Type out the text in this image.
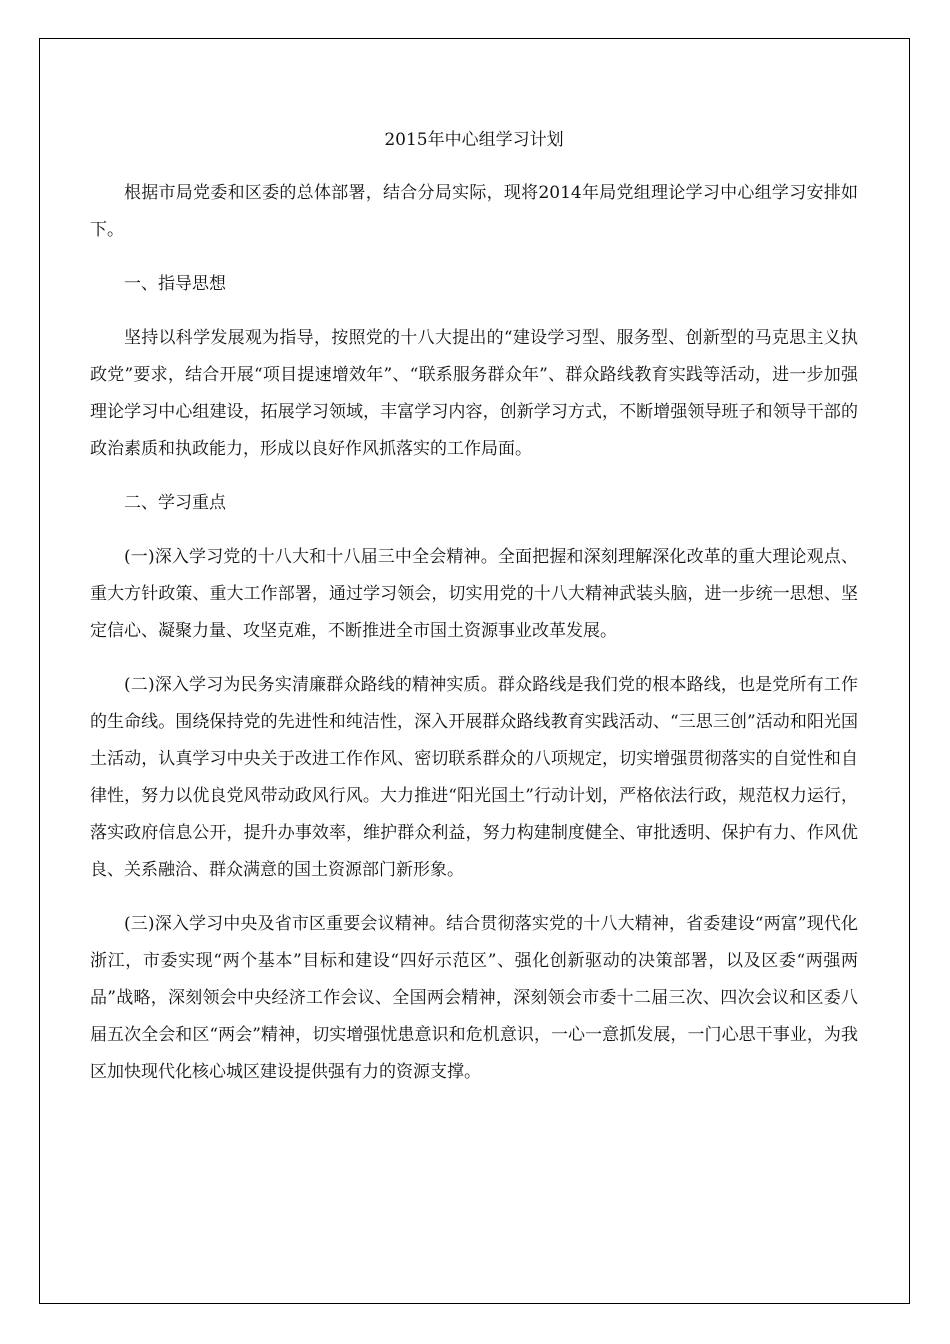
2015年中心组学习计划

根据市局党委和区委的总体部署，结合分局实际，现将2014年局党组理论学习中心组学习安排如下。

一、指导思想

坚持以科学发展观为指导，按照党的十八大提出的“建设学习型、服务型、创新型的马克思主义执政党”要求，结合开展“项目提速增效年”、“联系服务群众年”、群众路线教育实践等活动，进一步加强理论学习中心组建设，拓展学习领域，丰富学习内容，创新学习方式，不断增强领导班子和领导干部的政治素质和执政能力，形成以良好作风抓落实的工作局面。

二、学习重点

(一)深入学习党的十八大和十八届三中全会精神。全面把握和深刻理解深化改革的重大理论观点、重大方针政策、重大工作部署，通过学习领会，切实用党的十八大精神武装头脑，进一步统一思想、坚定信心、凝聚力量、攻坚克难，不断推进全市国土资源事业改革发展。

(二)深入学习为民务实清廉群众路线的精神实质。群众路线是我们党的根本路线，也是党所有工作的生命线。围绕保持党的先进性和纯洁性，深入开展群众路线教育实践活动、“三思三创”活动和阳光国土活动，认真学习中央关于改进工作作风、密切联系群众的八项规定，切实增强贯彻落实的自觉性和自律性，努力以优良党风带动政风行风。大力推进“阳光国土”行动计划，严格依法行政，规范权力运行，落实政府信息公开，提升办事效率，维护群众利益，努力构建制度健全、审批透明、保护有力、作风优良、关系融洽、群众满意的国土资源部门新形象。

(三)深入学习中央及省市区重要会议精神。结合贯彻落实党的十八大精神，省委建设“两富”现代化浙江，市委实现“两个基本”目标和建设“四好示范区”、强化创新驱动的决策部署，以及区委“两强两品”战略，深刻领会中央经济工作会议、全国两会精神，深刻领会市委十二届三次、四次会议和区委八届五次全会和区“两会”精神，切实增强忧患意识和危机意识，一心一意抓发展，一门心思干事业，为我区加快现代化核心城区建设提供强有力的资源支撑。
